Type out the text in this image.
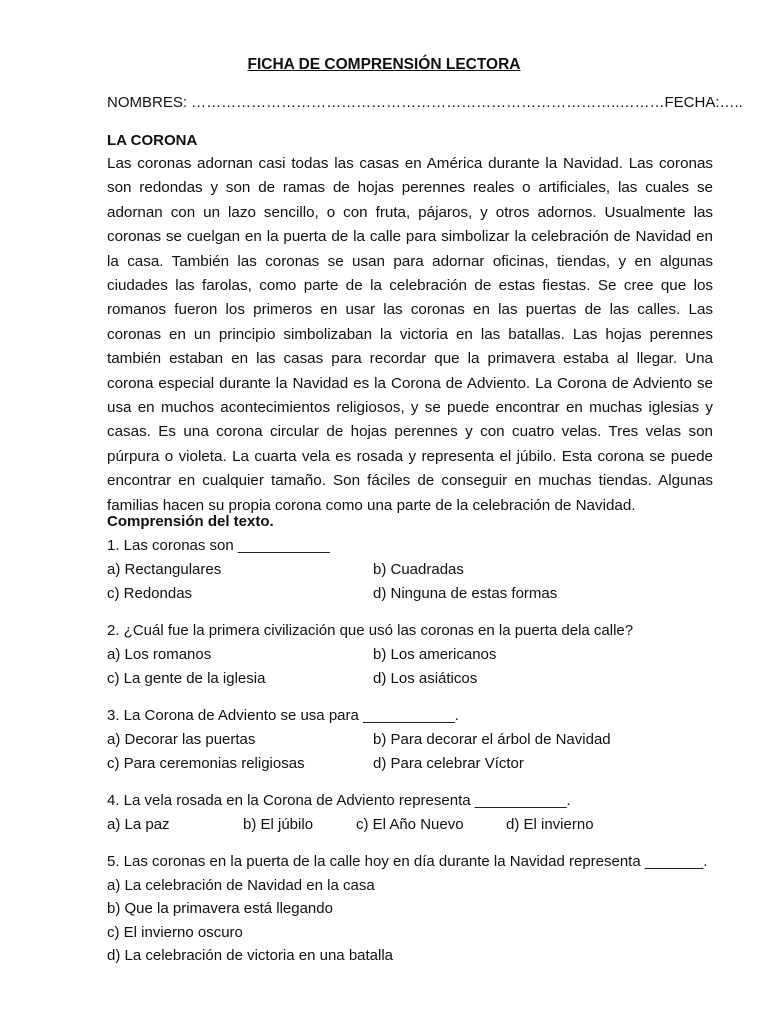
FICHA DE COMPRENSIÓN LECTORA
NOMBRES: …………………………………………………………………………..………FECHA:…..
LA CORONA
Las coronas adornan casi todas las casas en América durante la Navidad. Las coronas son redondas y son de ramas de hojas perennes reales o artificiales, las cuales se adornan con un lazo sencillo, o con fruta, pájaros, y otros adornos. Usualmente las coronas se cuelgan en la puerta de la calle para simbolizar la celebración de Navidad en la casa. También las coronas se usan para adornar oficinas, tiendas, y en algunas ciudades las farolas, como parte de la celebración de estas fiestas. Se cree que los romanos fueron los primeros en usar las coronas en las puertas de las calles. Las coronas en un principio simbolizaban la victoria en las batallas. Las hojas perennes también estaban en las casas para recordar que la primavera estaba al llegar. Una corona especial durante la Navidad es la Corona de Adviento. La Corona de Adviento se usa en muchos acontecimientos religiosos, y se puede encontrar en muchas iglesias y casas. Es una corona circular de hojas perennes y con cuatro velas. Tres velas son púrpura o violeta. La cuarta vela es rosada y representa el júbilo. Esta corona se puede encontrar en cualquier tamaño. Son fáciles de conseguir en muchas tiendas. Algunas familias hacen su propia corona como una parte de la celebración de Navidad.
Comprensión del texto.
1. Las coronas son ___________
a) Rectangulares	b) Cuadradas
c) Redondas	d) Ninguna de estas formas
2. ¿Cuál fue la primera civilización que usó las coronas en la puerta dela calle?
a) Los romanos	b) Los americanos
c) La gente de la iglesia	d) Los asiáticos
3. La Corona de Adviento se usa para ___________.
a) Decorar las puertas	b) Para decorar el árbol de Navidad
c) Para ceremonias religiosas	d) Para celebrar Víctor
4. La vela rosada en la Corona de Adviento representa ___________.
a) La paz	b) El júbilo	c) El Año Nuevo	d) El invierno
5. Las coronas en la puerta de la calle hoy en día durante la Navidad representa _______.
a) La celebración de Navidad en la casa
b) Que la primavera está llegando
c) El invierno oscuro
d) La celebración de victoria en una batalla
